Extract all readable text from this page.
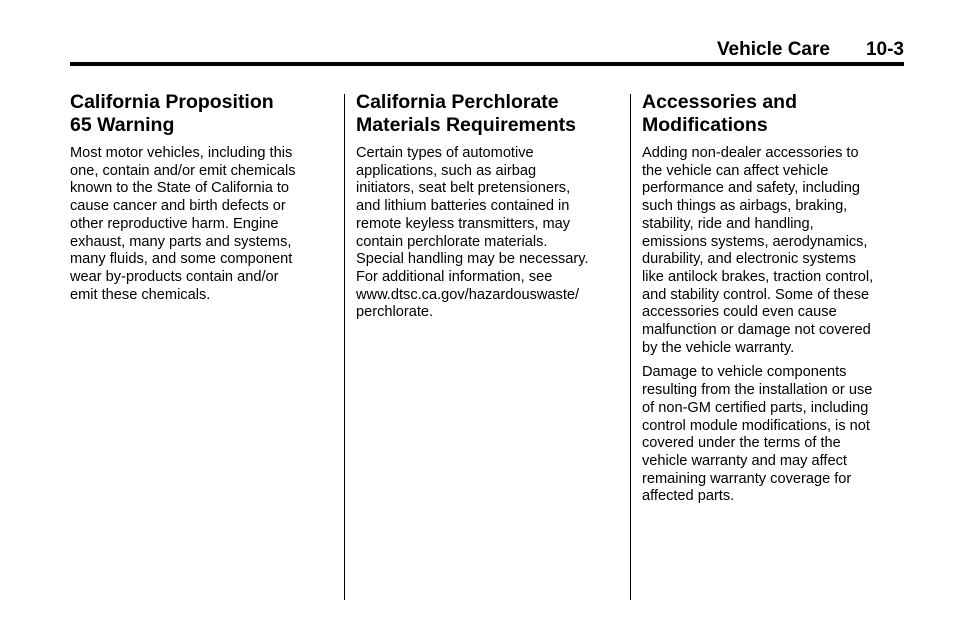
Vehicle Care 10-3
California Proposition
65 Warning

Most motor vehicles, including this
one, contain and/or emit chemicals
known to the State of California to
cause cancer and birth defects or
other reproductive harm. Engine
exhaust, many parts and systems,
many fluids, and some component
wear by-products contain and/or
emit these chemicals.

California Perchlorate
Materials Requirements

Certain types of automotive
applications, such as airbag
initiators, seat belt pretensioners,
and lithium batteries contained in
remote keyless transmitters, may
contain perchlorate materials.
Special handling may be necessary.
For additional information, see
www.dtsc.ca.gov/hazardouswaste/
perchlorate.

Accessories and
Modifications

Adding non-dealer accessories to
the vehicle can affect vehicle
performance and safety, including
such things as airbags, braking,
stability, ride and handling,
emissions systems, aerodynamics,
durability, and electronic systems
like antilock brakes, traction control,
and stability control. Some of these
accessories could even cause
malfunction or damage not covered
by the vehicle warranty.

Damage to vehicle components
resulting from the installation or use
of non-GM certified parts, including
control module modifications, is not
covered under the terms of the
vehicle warranty and may affect
remaining warranty coverage for
affected parts.
